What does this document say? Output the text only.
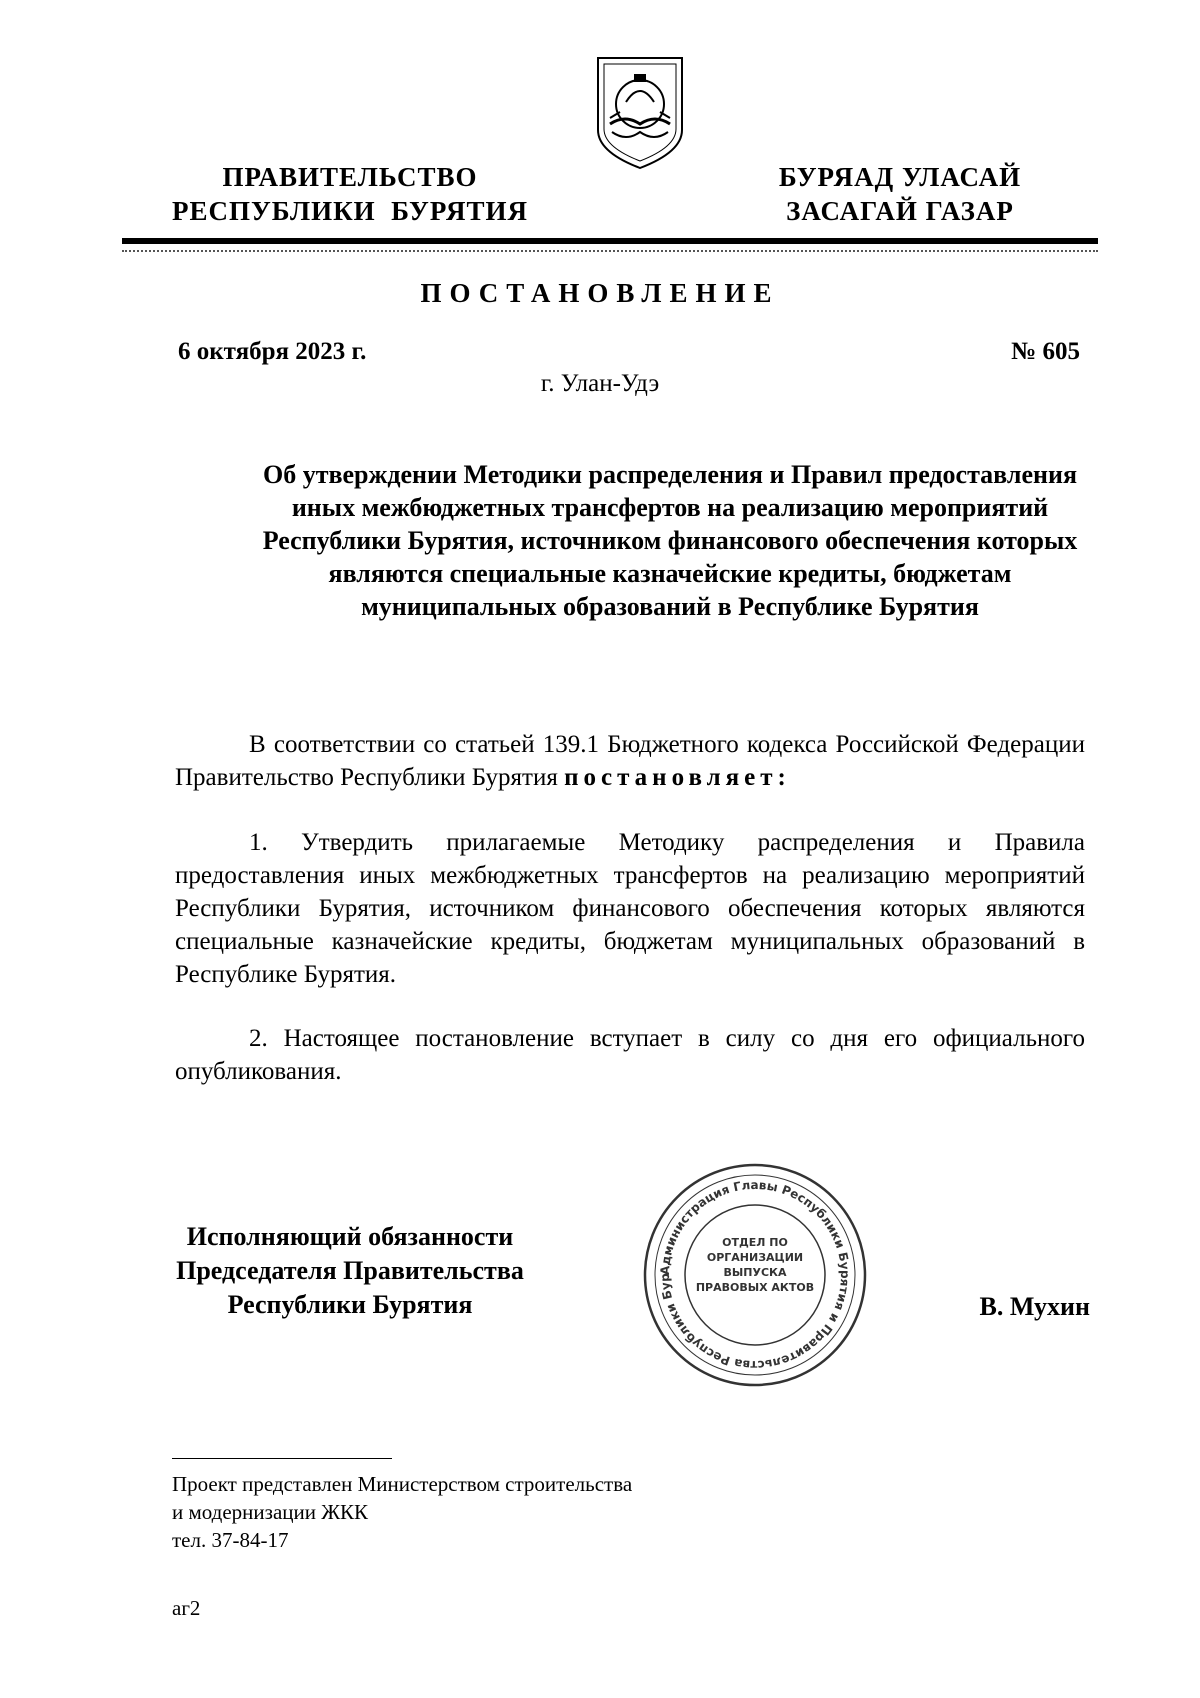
ПРАВИТЕЛЬСТВО
РЕСПУБЛИКИ  БУРЯТИЯ
БУРЯАД УЛАСАЙ
ЗАСАГАЙ ГАЗАР
ПОСТАНОВЛЕНИЕ
6 октября 2023 г.	№ 605
г. Улан-Удэ
Об утверждении Методики распределения и Правил предоставления иных межбюджетных трансфертов на реализацию мероприятий Республики Бурятия, источником финансового обеспечения которых являются специальные казначейские кредиты, бюджетам муниципальных образований в Республике Бурятия
В соответствии со статьей 139.1 Бюджетного кодекса Российской Федерации Правительство Республики Бурятия постановляет:
1. Утвердить прилагаемые Методику распределения и Правила предоставления иных межбюджетных трансфертов на реализацию мероприятий Республики Бурятия, источником финансового обеспечения которых являются специальные казначейские кредиты, бюджетам муниципальных образований в Республике Бурятия.
2. Настоящее постановление вступает в силу со дня его официального опубликования.
Исполняющий обязанности
Председателя Правительства
Республики Бурятия
Администрация Главы Республики Бурятия и Правительства Республики Бур
ОТДЕЛ ПО ОРГАНИЗАЦИИ ВЫПУСКА ПРАВОВЫХ АКТОВ
В. Мухин
Проект представлен Министерством строительства
и модернизации ЖКК
тел. 37-84-17
аг2
